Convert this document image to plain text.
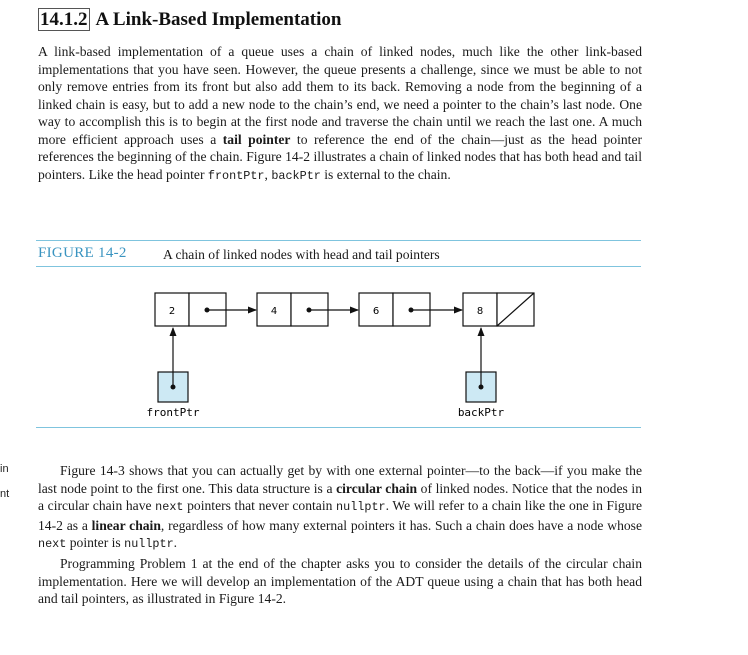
14.1.2 A Link-Based Implementation

A link-based implementation of a queue uses a chain of linked nodes, much like the other link-based implementations that you have seen. However, the queue presents a challenge, since we must be able to not only remove entries from its front but also add them to its back. Removing a node from the beginning of a linked chain is easy, but to add a new node to the chain’s end, we need a pointer to the chain’s last node. One way to accomplish this is to begin at the first node and traverse the chain until we reach the last one. A much more efficient approach uses a tail pointer to reference the end of the chain—just as the head pointer references the beginning of the chain. Figure 14-2 illustrates a chain of linked nodes that has both head and tail pointers. Like the head pointer frontPtr, backPtr is external to the chain.

FIGURE 14-2	A chain of linked nodes with head and tail pointers
2	4	6	8
frontPtr	backPtr
in
nt

Figure 14-3 shows that you can actually get by with one external pointer—to the back—if you make the last node point to the first one. This data structure is a circular chain of linked nodes. Notice that the nodes in a circular chain have next pointers that never contain nullptr. We will refer to a chain like the one in Figure 14-2 as a linear chain, regardless of how many external pointers it has. Such a chain does have a node whose next pointer is nullptr.

Programming Problem 1 at the end of the chapter asks you to consider the details of the circular chain implementation. Here we will develop an implementation of the ADT queue using a chain that has both head and tail pointers, as illustrated in Figure 14-2.
